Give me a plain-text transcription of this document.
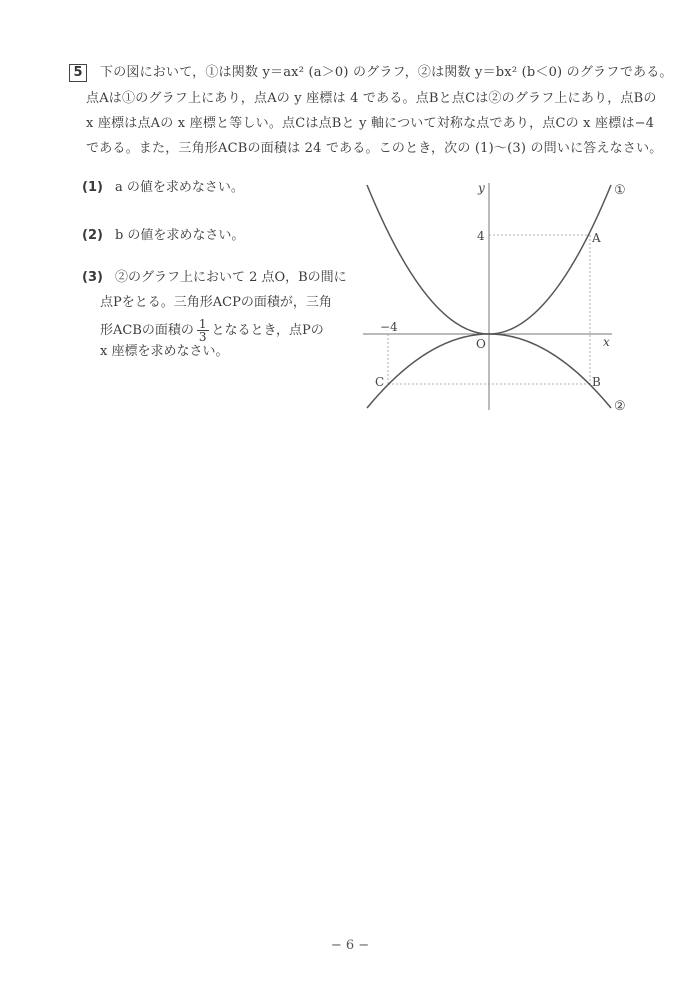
5	下の図において，①は関数 y＝ax² (a＞0) のグラフ，②は関数 y＝bx² (b＜0) のグラフである。
点Aは①のグラフ上にあり，点Aの y 座標は 4 である。点Bと点Cは②のグラフ上にあり，点Bの
x 座標は点Aの x 座標と等しい。点Cは点Bと y 軸について対称な点であり，点Cの x 座標は−4
である。また，三角形ACBの面積は 24 である。このとき，次の (1)〜(3) の問いに答えなさい。
(1) a の値を求めなさい。
(2) b の値を求めなさい。
(3) ②のグラフ上において 2 点O，Bの間に
点Pをとる。三角形ACPの面積が，三角
形ACBの面積の $\frac{1}{3}$ となるとき，点Pの
x 座標を求めなさい。
y
x
O
4
−4
A
B
C
①
②
− 6 −
